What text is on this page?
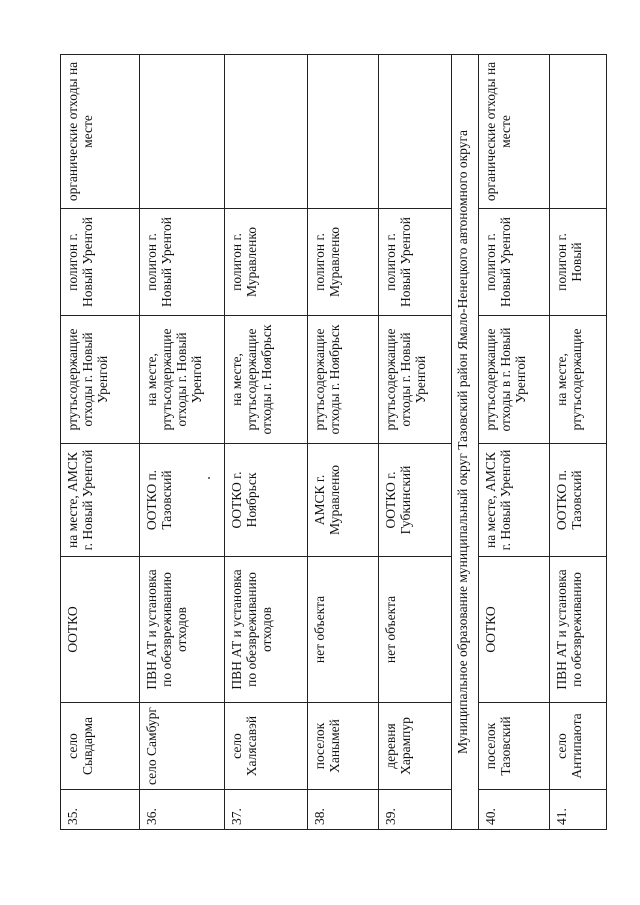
35.	село Сывдарма	ООТКО	на месте, АМСК г. Новый Уренгой	ртутьсодержащие отходы г. Новый Уренгой	полигон г. Новый Уренгой	органические отходы на месте
36.	село Самбург	ПВН АТ и установка по обезвреживанию отходов	ООТКО п. Тазовский	на месте, ртутьсодержащие отходы г. Новый Уренгой	полигон г. Новый Уренгой	
37.	село Халясавэй	ПВН АТ и установка по обезвреживанию отходов	ООТКО г. Ноябрьск	на месте, ртутьсодержащие отходы г. Ноябрьск	полигон г. Муравленко	
38.	поселок Ханымей	нет объекта	АМСК г. Муравленко	ртутьсодержащие отходы г. Ноябрьск	полигон г. Муравленко	
39.	деревня Харампур	нет объекта	ООТКО г. Губкинский	ртутьсодержащие отходы г. Новый Уренгой	полигон г. Новый Уренгой	
Муниципальное образование муниципальный округ Тазовский район Ямало-Ненецкого автономного округа						
40.	поселок Тазовский	ООТКО	на месте, АМСК г. Новый Уренгой	ртутьсодержащие отходы в г. Новый Уренгой	полигон г. Новый Уренгой	органические отходы на месте
41.	село Антипаюта	ПВН АТ и установка по обезвреживанию	ООТКО п. Тазовский	на месте, ртутьсодержащие	полигон г. Новый	
